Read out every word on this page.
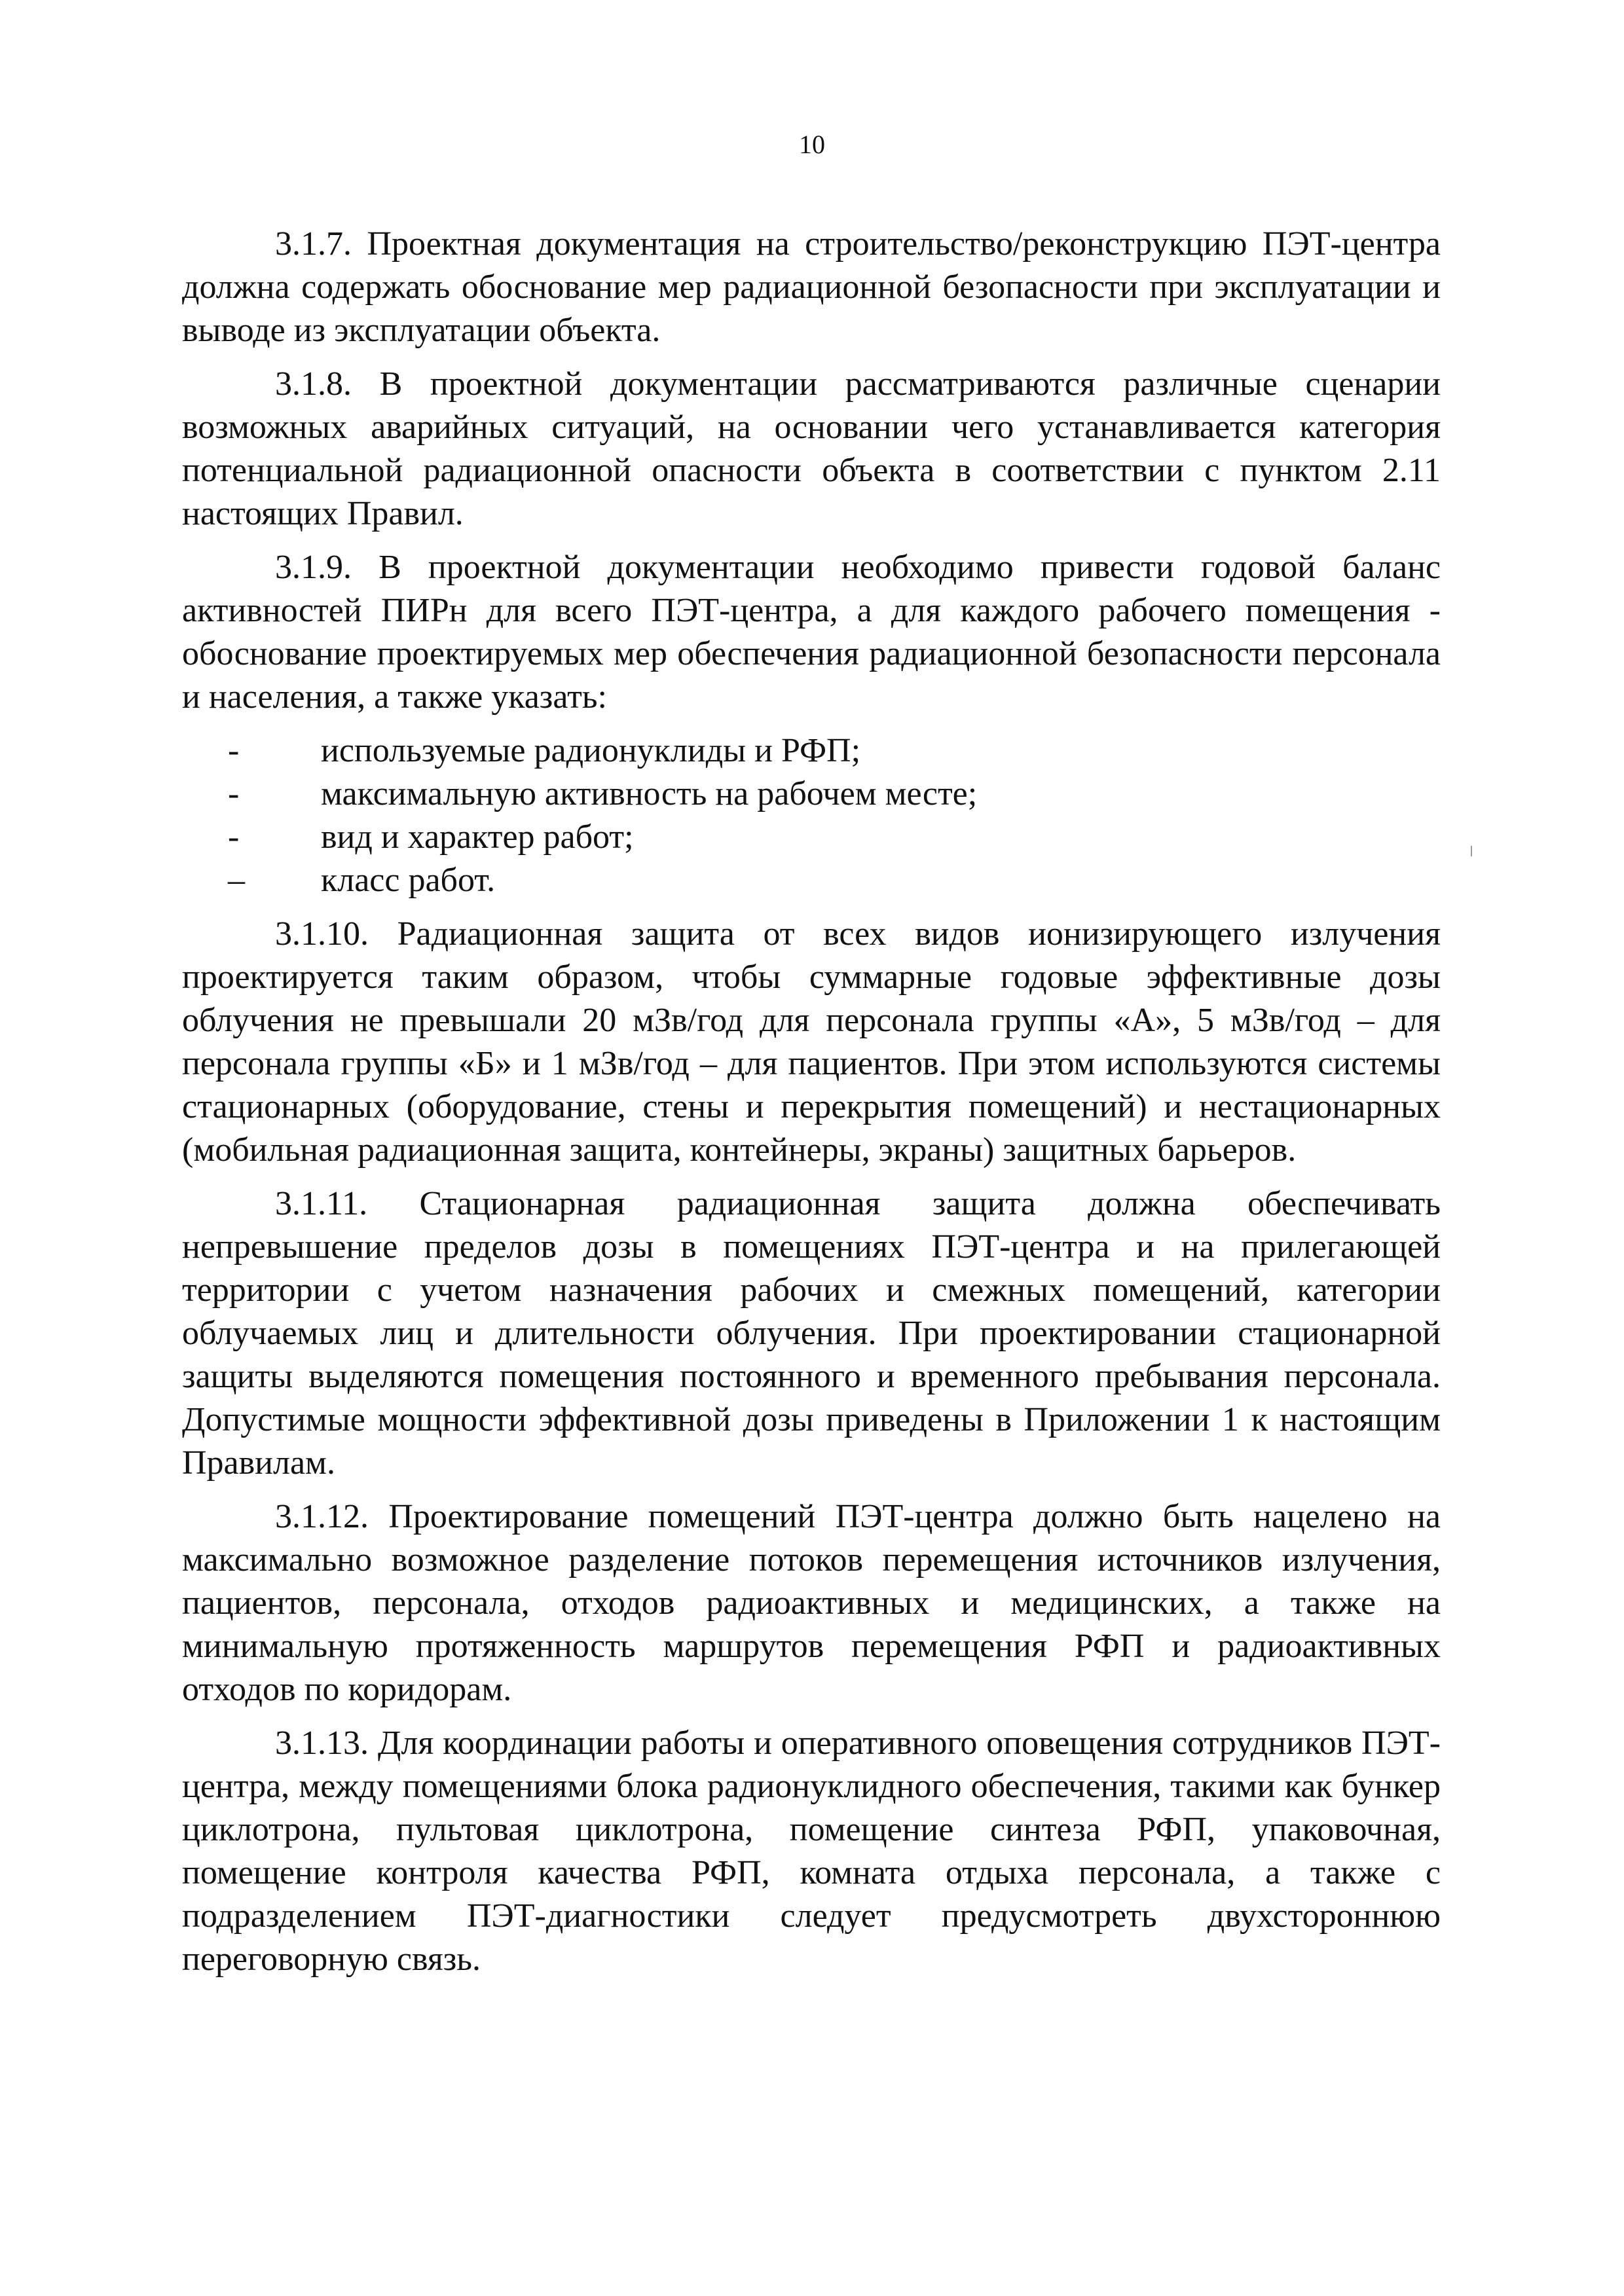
10

3.1.7. Проектная документация на строительство/реконструкцию ПЭТ-центра должна содержать обоснование мер радиационной безопасности при эксплуатации и выводе из эксплуатации объекта.

3.1.8. В проектной документации рассматриваются различные сценарии возможных аварийных ситуаций, на основании чего устанавливается категория потенциальной радиационной опасности объекта в соответствии с пунктом 2.11 настоящих Правил.

3.1.9. В проектной документации необходимо привести годовой баланс активностей ПИРн для всего ПЭТ-центра, а для каждого рабочего помещения - обоснование проектируемых мер обеспечения радиационной безопасности персонала и населения, а также указать:

-	используемые радионуклиды и РФП;
-	максимальную активность на рабочем месте;
-	вид и характер работ;
–	класс работ.

3.1.10. Радиационная защита от всех видов ионизирующего излучения проектируется таким образом, чтобы суммарные годовые эффективные дозы облучения не превышали 20 мЗв/год для персонала группы «А», 5 мЗв/год – для персонала группы «Б» и 1 мЗв/год – для пациентов. При этом используются системы стационарных (оборудование, стены и перекрытия помещений) и нестационарных (мобильная радиационная защита, контейнеры, экраны) защитных барьеров.

3.1.11. Стационарная радиационная защита должна обеспечивать непревышение пределов дозы в помещениях ПЭТ-центра и на прилегающей территории с учетом назначения рабочих и смежных помещений, категории облучаемых лиц и длительности облучения. При проектировании стационарной защиты выделяются помещения постоянного и временного пребывания персонала. Допустимые мощности эффективной дозы приведены в Приложении 1 к настоящим Правилам.

3.1.12. Проектирование помещений ПЭТ-центра должно быть нацелено на максимально возможное разделение потоков перемещения источников излучения, пациентов, персонала, отходов радиоактивных и медицинских, а также на минимальную протяженность маршрутов перемещения РФП и радиоактивных отходов по коридорам.

3.1.13. Для координации работы и оперативного оповещения сотрудников ПЭТ-центра, между помещениями блока радионуклидного обеспечения, такими как бункер циклотрона, пультовая циклотрона, помещение синтеза РФП, упаковочная, помещение контроля качества РФП, комната отдыха персонала, а также с подразделением ПЭТ-диагностики следует предусмотреть двухстороннюю переговорную связь.
